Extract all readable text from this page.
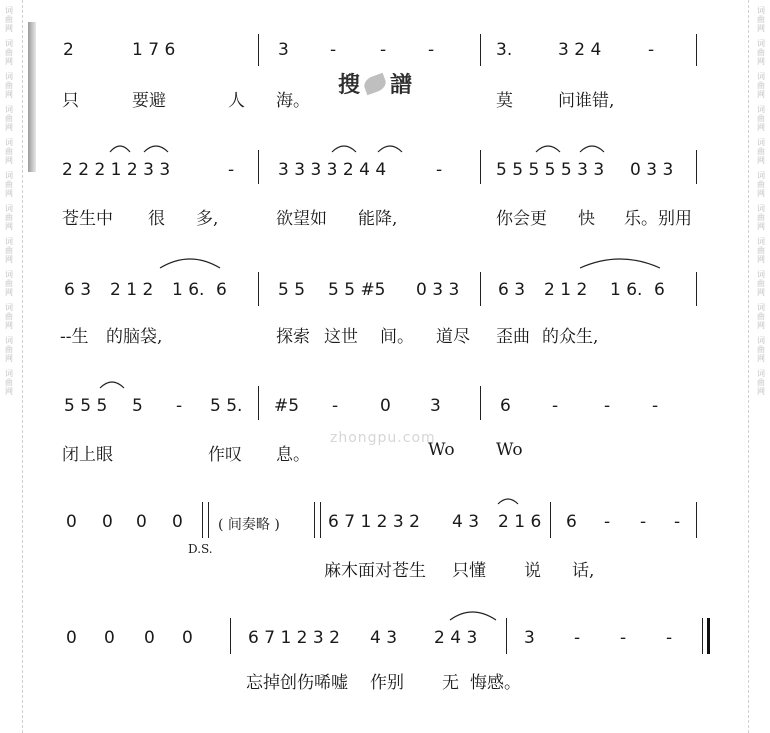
词
曲
网
词
曲
网
词
曲
网
词
曲
网
词
曲
网
词
曲
网
词
曲
网
词
曲
网
词
曲
网
词
曲
网
词
曲
网
词
曲
网
词
曲
网
词
曲
网
词
曲
网
词
曲
网
词
曲
网
词
曲
网
词
曲
网
词
曲
网
词
曲
网
词
曲
网
词
曲
网
词
曲
网
搜 譜
zhongpu.com
2	1 7 6	3 -	- -	3.	3 2 4	-
只	要避	人 海。	莫	问谁错,
2 2 2 1 2 3 3	-	3 3 3 3 2 4 4	-	5 5 5 5 5 3 3 0 3 3
苍生中 很 多,	欲望如 能降,	你会更 快 乐。别用
6 3 2 1 2 1 6. 6	5 5 5 5 #5 0 3 3 6 3 2 1 2 1 6. 6
--生 的脑袋,	探索 这世 间。 道尽 歪曲 的众生,
5 5 5 5 - 5 5. #5 - 0 3	6 -	- -
闭上眼	作叹 息。	Wo Wo
0 0 0 0	6 7 1 2 3 2 4 3 2 1 6 6 - - -
( 间奏略 )
D.S.
麻木面对苍生 只懂 说 话,
0 0 0 0	6 7 1 2 3 2 4 3 2 4 3	3 - - -
忘掉创伤唏嘘 作别 无 悔感。
